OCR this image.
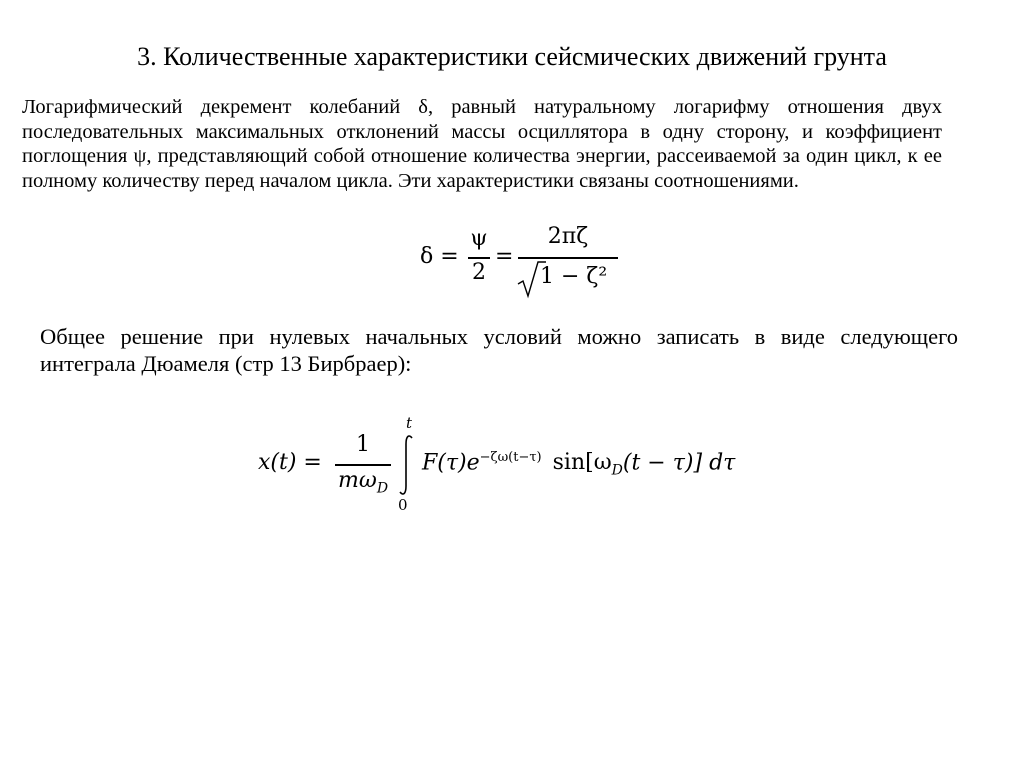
3. Количественные характеристики сейсмических движений грунта
Логарифмический декремент колебаний δ, равный натуральному логарифму отношения двух последовательных максимальных отклонений массы осциллятора в одну сторону, и коэффициент поглощения ψ, представляющий собой отношение количества энергии, рассеиваемой за один цикл, к ее полному количеству перед началом цикла. Эти характеристики связаны соотношениями.
δ =
ψ
2
=
2πζ
1 − ζ²
Общее решение при нулевых начальных условий можно записать в виде следующего интеграла Дюамеля (стр 13 Бирбраер):
x(t) =
1
$m\omega_D$
t
0
$F(\tau)e^{-\zeta\omega(t-\tau)}$ $\sin[\omega_D(t - \tau)]$ dτ
